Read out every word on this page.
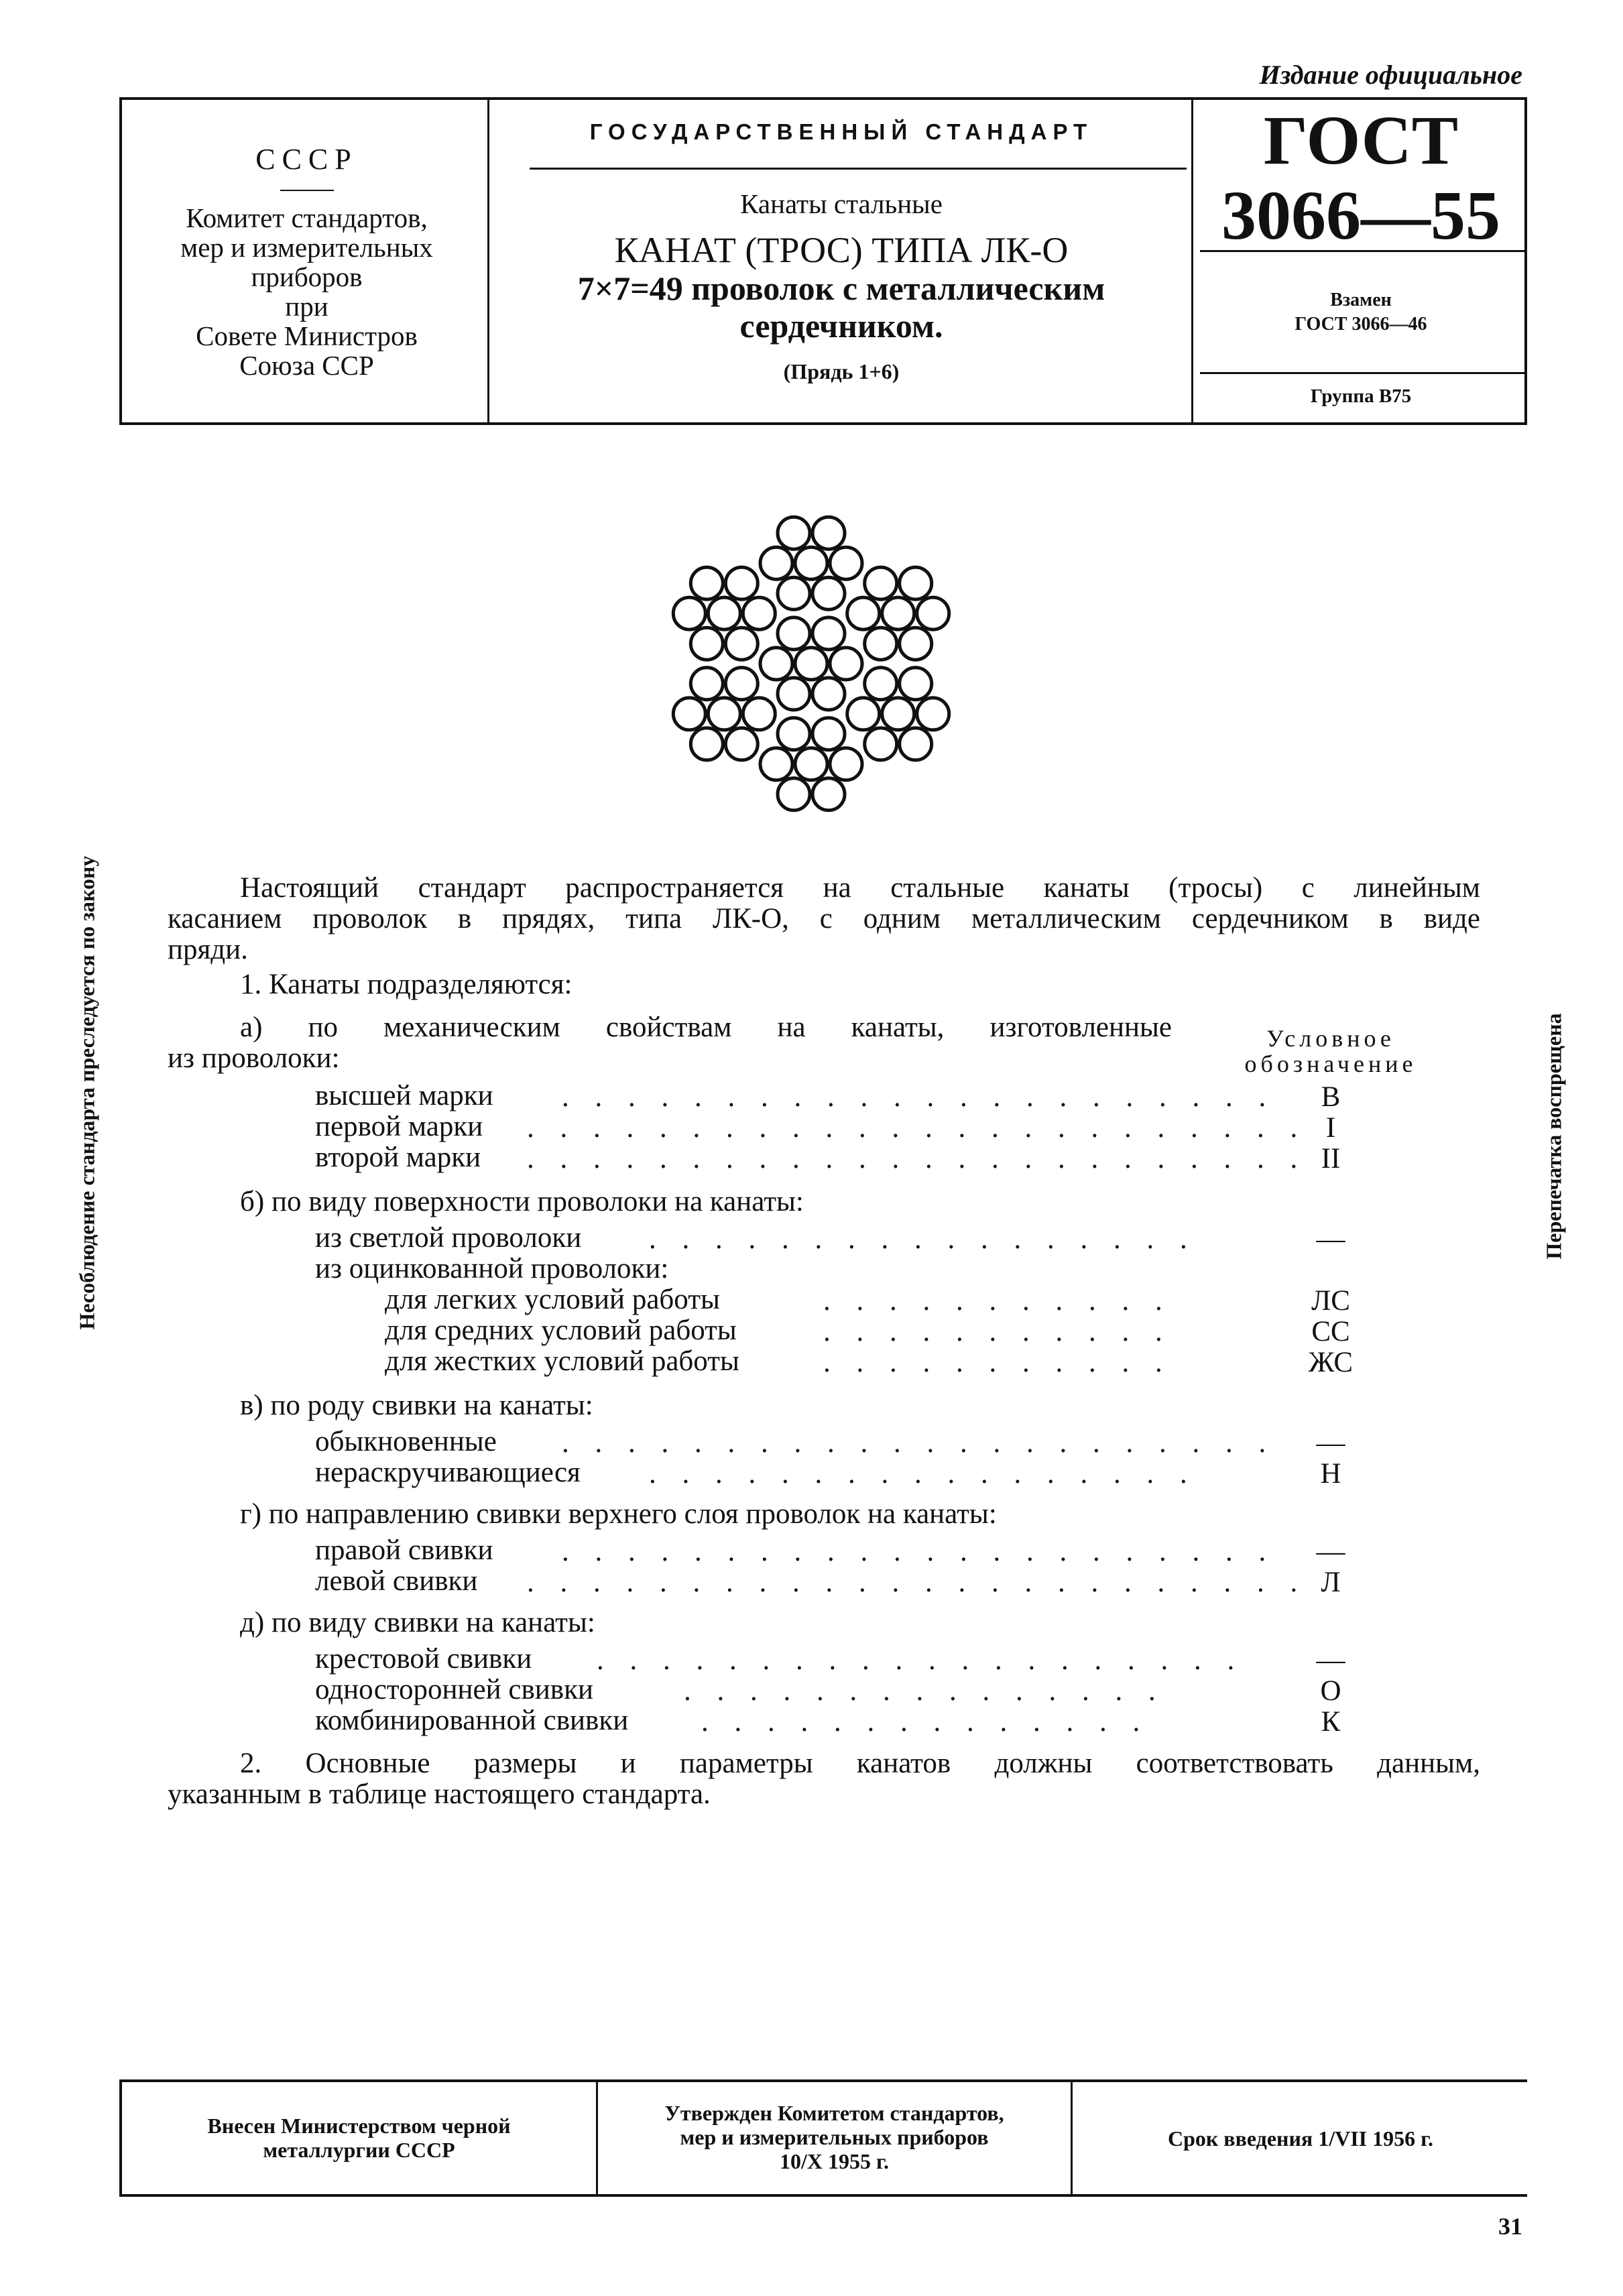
Издание официальное
СССР
Комитет стандартов,
мер и измерительных
приборов
при
Совете Министров
Союза ССР
ГОСУДАРСТВЕННЫЙ СТАНДАРТ
Канаты стальные
КАНАТ (ТРОС) ТИПА ЛК-О
7×7=49 проволок с металлическим
сердечником.
(Прядь 1+6)
ГОСТ
3066—55
Взамен
ГОСТ 3066—46
Группа В75
Несоблюдение стандарта преследуется по закону	Перепечатка воспрещена
Настоящий стандарт распространяется на стальные канаты (тросы) с линейным
касанием проволок в прядях, типа ЛК-О, с одним металлическим сердечником в виде
пряди.
1. Канаты подразделяются:
Условное
обозначение
а) по механическим свойствам на канаты, изготовленные
из проволоки:
высшей марки . . . . . . . . . . . . . . . . . . . . . .	В
первой марки . . . . . . . . . . . . . . . . . . . . . . . . I
второй марки . . . . . . . . . . . . . . . . . . . . . . . . II
б) по виду поверхности проволоки на канаты:
из светлой проволоки . . . . . . . . . . . . . . . . .	—
из оцинкованной проволоки:
для легких условий работы	. . . . . . . . . . .	ЛС
для средних условий работы	. . . . . . . . . . .	СС
для жестких условий работы	. . . . . . . . . . .	ЖС
в) по роду свивки на канаты:
обыкновенные . . . . . . . . . . . . . . . . . . . . . .	—
нераскручивающиеся . . . . . . . . . . . . . . . . .	Н
г) по направлению свивки верхнего слоя проволок на канаты:
правой свивки . . . . . . . . . . . . . . . . . . . . . .	—
левой свивки . . . . . . . . . . . . . . . . . . . . . . . . Л
д) по виду свивки на канаты:
крестовой свивки . . . . . . . . . . . . . . . . . . . .	—
односторонней свивки	. . . . . . . . . . . . . . .	О
комбинированной свивки	. . . . . . . . . . . . . .	К
2. Основные размеры и параметры канатов должны соответствовать данным,
указанным в таблице настоящего стандарта.
Внесен Министерством черной
металлургии СССР
Утвержден Комитетом стандартов,
мер и измерительных приборов
10/X 1955 г.
Срок введения 1/VII 1956 г.
31
